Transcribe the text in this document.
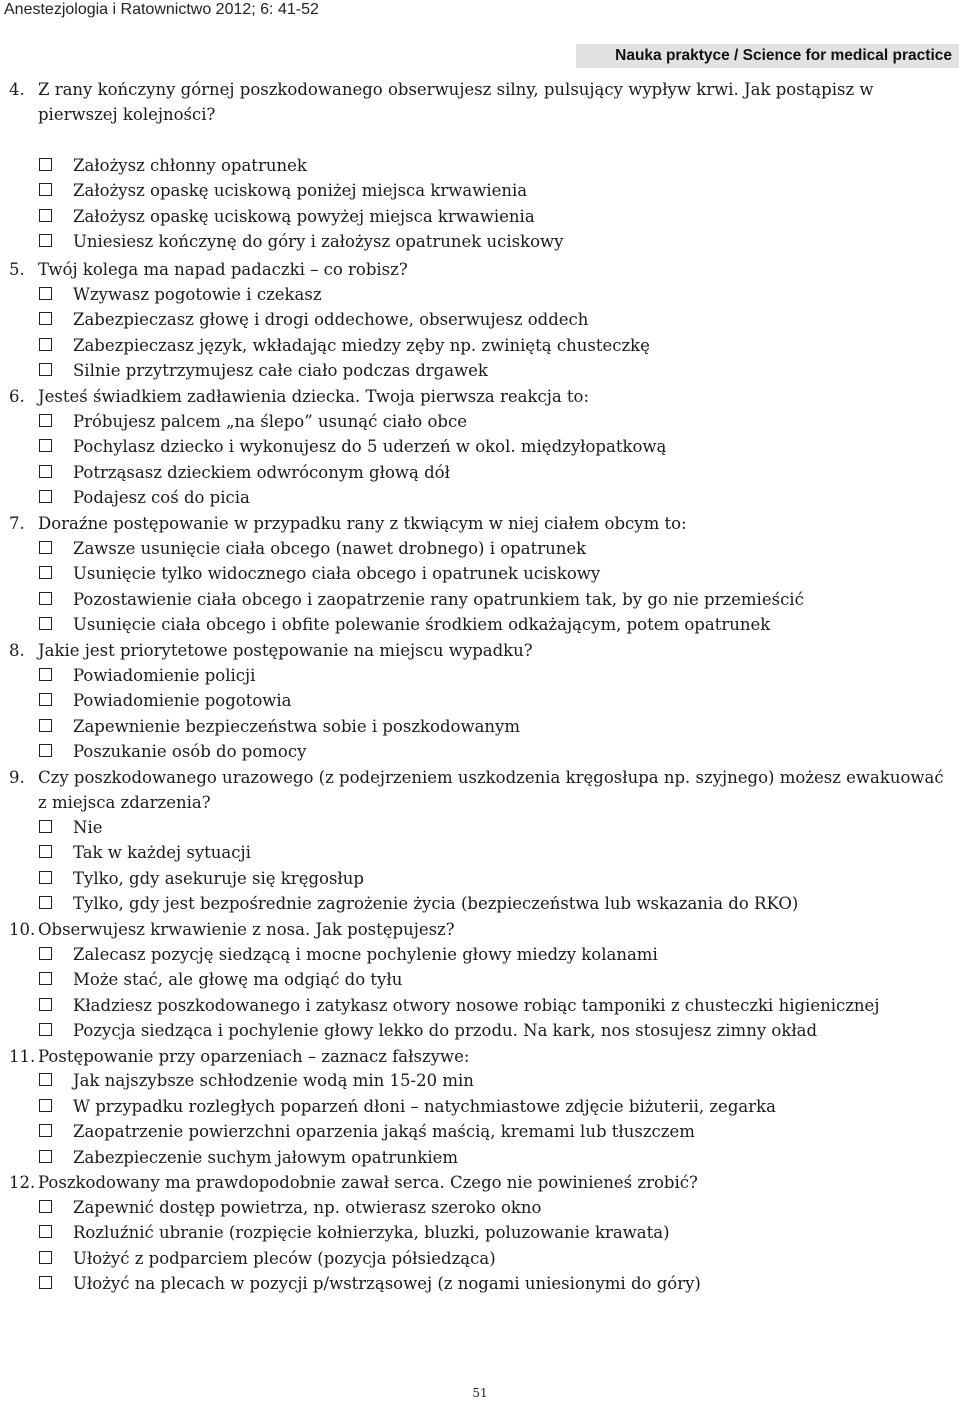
Anestezjologia i Ratownictwo 2012; 6: 41-52
Nauka praktyce / Science for medical practice
4. Z rany kończyny górnej poszkodowanego obserwujesz silny, pulsujący wypływ krwi. Jak postąpisz w pierwszej kolejności?
Założysz chłonny opatrunek
Założysz opaskę uciskową poniżej miejsca krwawienia
Założysz opaskę uciskową powyżej miejsca krwawienia
Uniesiesz kończynę do góry i założysz opatrunek uciskowy
5. Twój kolega ma napad padaczki – co robisz?
Wzywasz pogotowie i czekasz
Zabezpieczasz głowę i drogi oddechowe, obserwujesz oddech
Zabezpieczasz język, wkładając miedzy zęby np. zwiniętą chusteczkę
Silnie przytrzymujesz całe ciało podczas drgawek
6. Jesteś świadkiem zadławienia dziecka. Twoja pierwsza reakcja to:
Próbujesz palcem „na ślepo” usunąć ciało obce
Pochylasz dziecko i wykonujesz do 5 uderzeń w okol. międzyłopatkową
Potrząsasz dzieckiem odwróconym głową dół
Podajesz coś do picia
7. Doraźne postępowanie w przypadku rany z tkwiącym w niej ciałem obcym to:
Zawsze usunięcie ciała obcego (nawet drobnego) i opatrunek
Usunięcie tylko widocznego ciała obcego i opatrunek uciskowy
Pozostawienie ciała obcego i zaopatrzenie rany opatrunkiem tak, by go nie przemieścić
Usunięcie ciała obcego i obfite polewanie środkiem odkażającym, potem opatrunek
8. Jakie jest priorytetowe postępowanie na miejscu wypadku?
Powiadomienie policji
Powiadomienie pogotowia
Zapewnienie bezpieczeństwa sobie i poszkodowanym
Poszukanie osób do pomocy
9. Czy poszkodowanego urazowego (z podejrzeniem uszkodzenia kręgosłupa np. szyjnego) możesz ewakuować z miejsca zdarzenia?
Nie
Tak w każdej sytuacji
Tylko, gdy asekuruje się kręgosłup
Tylko, gdy jest bezpośrednie zagrożenie życia (bezpieczeństwa lub wskazania do RKO)
10. Obserwujesz krwawienie z nosa. Jak postępujesz?
Zalecasz pozycję siedzącą i mocne pochylenie głowy miedzy kolanami
Może stać, ale głowę ma odgiąć do tyłu
Kładziesz poszkodowanego i zatykasz otwory nosowe robiąc tamponiki z chusteczki higienicznej
Pozycja siedząca i pochylenie głowy lekko do przodu. Na kark, nos stosujesz zimny okład
11. Postępowanie przy oparzeniach – zaznacz fałszywe:
Jak najszybsze schłodzenie wodą min 15-20 min
W przypadku rozległych poparzeń dłoni – natychmiastowe zdjęcie biżuterii, zegarka
Zaopatrzenie powierzchni oparzenia jakąś maścią, kremami lub tłuszczem
Zabezpieczenie suchym jałowym opatrunkiem
12. Poszkodowany ma prawdopodobnie zawał serca. Czego nie powinieneś zrobić?
Zapewnić dostęp powietrza, np. otwierasz szeroko okno
Rozluźnić ubranie (rozpięcie kołnierzyka, bluzki, poluzowanie krawata)
Ułożyć z podparciem pleców (pozycja półsiedząca)
Ułożyć na plecach w pozycji p/wstrząsowej (z nogami uniesionymi do góry)
51
